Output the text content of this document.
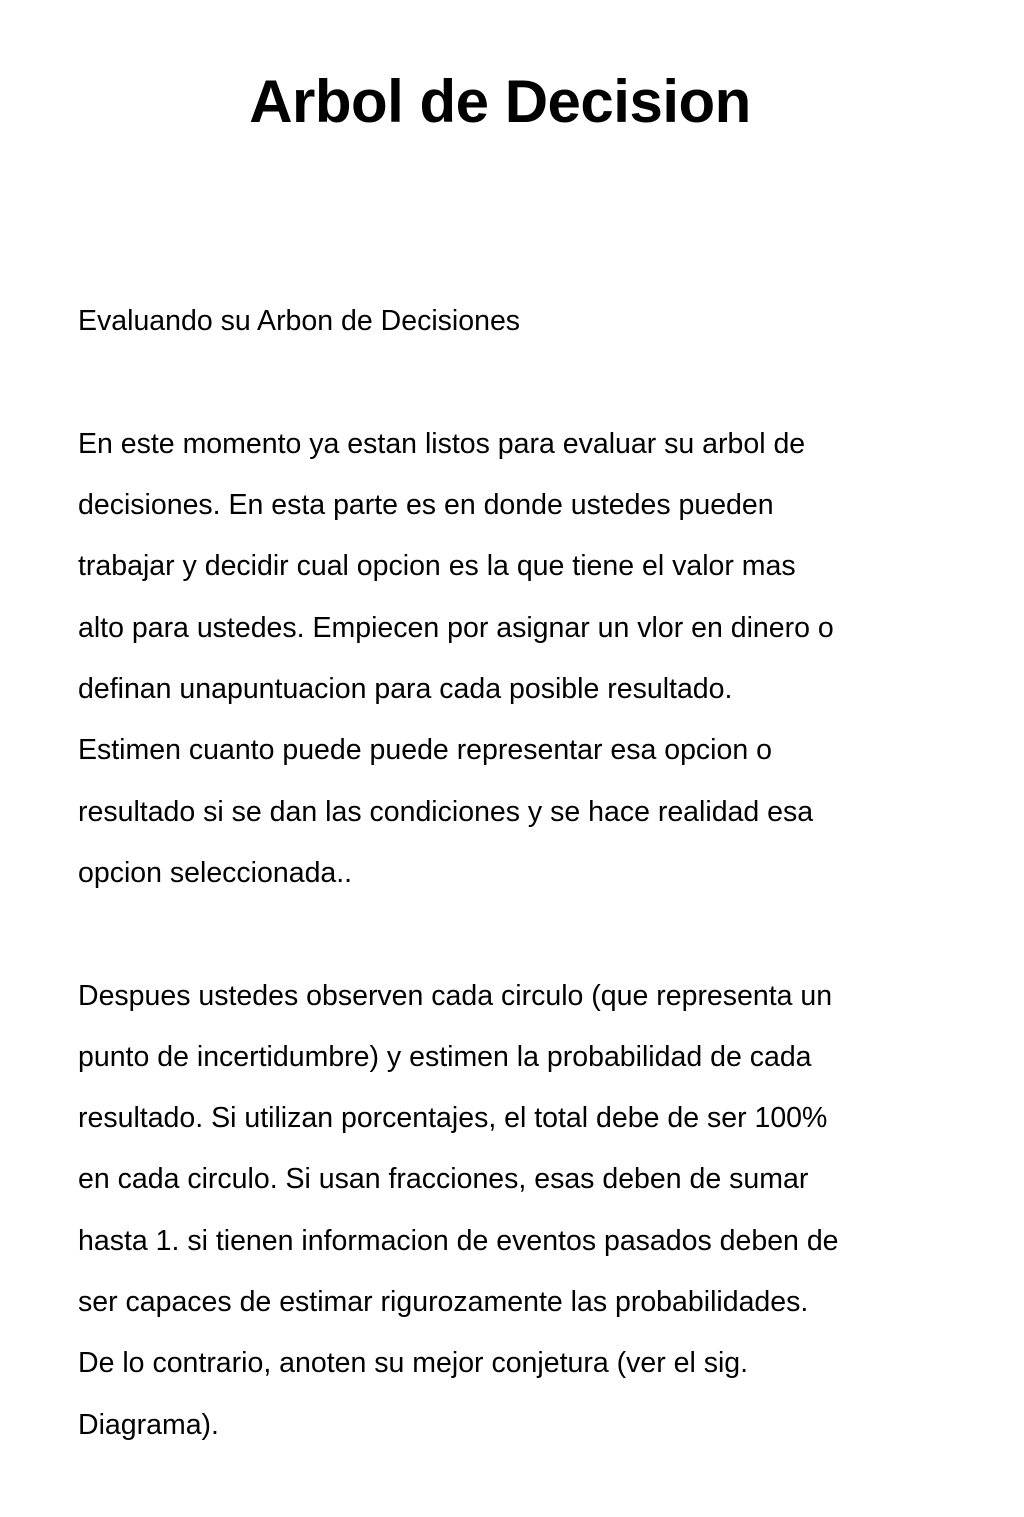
Arbol de Decision

Evaluando su Arbon de Decisiones

En este momento ya estan listos para evaluar su arbol de
decisiones. En esta parte es en donde ustedes pueden
trabajar y decidir cual opcion es la que tiene el valor mas
alto para ustedes. Empiecen por asignar un vlor en dinero o
definan unapuntuacion para cada posible resultado.
Estimen cuanto puede puede representar esa opcion o
resultado si se dan las condiciones y se hace realidad esa
opcion seleccionada..

Despues ustedes observen cada circulo (que representa un
punto de incertidumbre) y estimen la probabilidad de cada
resultado. Si utilizan porcentajes, el total debe de ser 100%
en cada circulo. Si usan fracciones, esas deben de sumar
hasta 1. si tienen informacion de eventos pasados deben de
ser capaces de estimar rigurozamente las probabilidades.
De lo contrario, anoten su mejor conjetura (ver el sig.
Diagrama).
